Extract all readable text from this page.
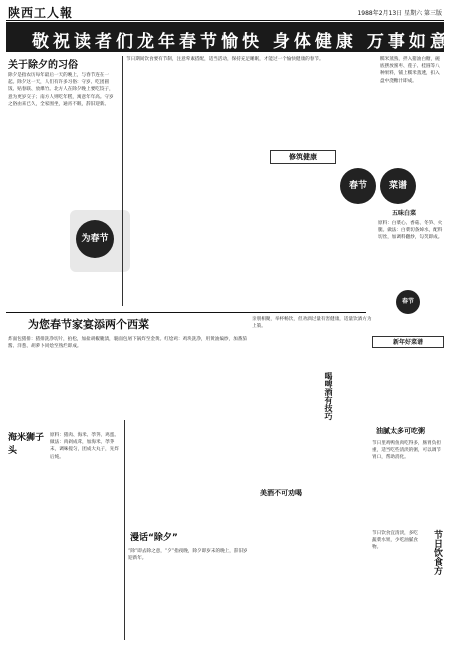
陕西工人報	1988年2月13日 星期六 第三版
敬祝读者们龙年春节愉快 身体健康 万事如意
关于除夕的习俗
除夕是指农历每年最后一天的晚上，与春节连在一起。除夕这一天，人们有许多习俗：守岁、吃团圆饭、贴春联、放爆竹。北方人在除夕晚上要吃饺子，意为更岁交子；南方人则吃年糕，寓意年年高。守岁之俗由来已久，全家围坐，通宵不眠，辞旧迎新。
为春节
节日期间饮食要有节制，注意荤素搭配，适当活动，保持充足睡眠，才能过一个愉快健康的春节。
修筑健康
春节	菜谱
糯米蒸熟，拌入猪油白糖，碗底摆放蜜枣、莲子、桂圆等八种果料，铺上糯米蒸透，扣入盘中浇糖汁即成。
五味白菜
原料：白菜心、香菇、冬笋、火腿。做法：白菜切条焯水，配料切丝，加调料翻炒，勾芡即成。
为您春节家宴添两个西菜
炸面包猪排：猪排洗净切片，拍松，加盐胡椒腌渍，裹面包屑下锅炸至金黄。红烩鸡：鸡块洗净，用黄油煸炒，加番茄酱、洋葱、胡萝卜同烩至熟烂即成。
亲朋相聚，举杯畅饮，但劝酒过量有害健康，适量饮酒方为上策。
喝啤酒有技巧
海米狮子头
原料：猪肉、海米、荸荠、鸡蛋。做法：肉剁成茸，加海米、荸荠末，调味搅匀，团成大丸子，先炸后炖。
漫话“除夕”
“除”即去除之意，“夕”指夜晚，除夕即岁末的晚上，辞旧岁迎新年。
美酒不可劝喝
新年好菜谱
油腻太多可吃粥
节日里鸡鸭鱼肉吃得多，肠胃负担重，适当吃些清淡的粥，可以调节胃口，帮助消化。
节日饮食方
节日饮食宜清淡，多吃蔬菜水果，少吃油腻食物。
春节
